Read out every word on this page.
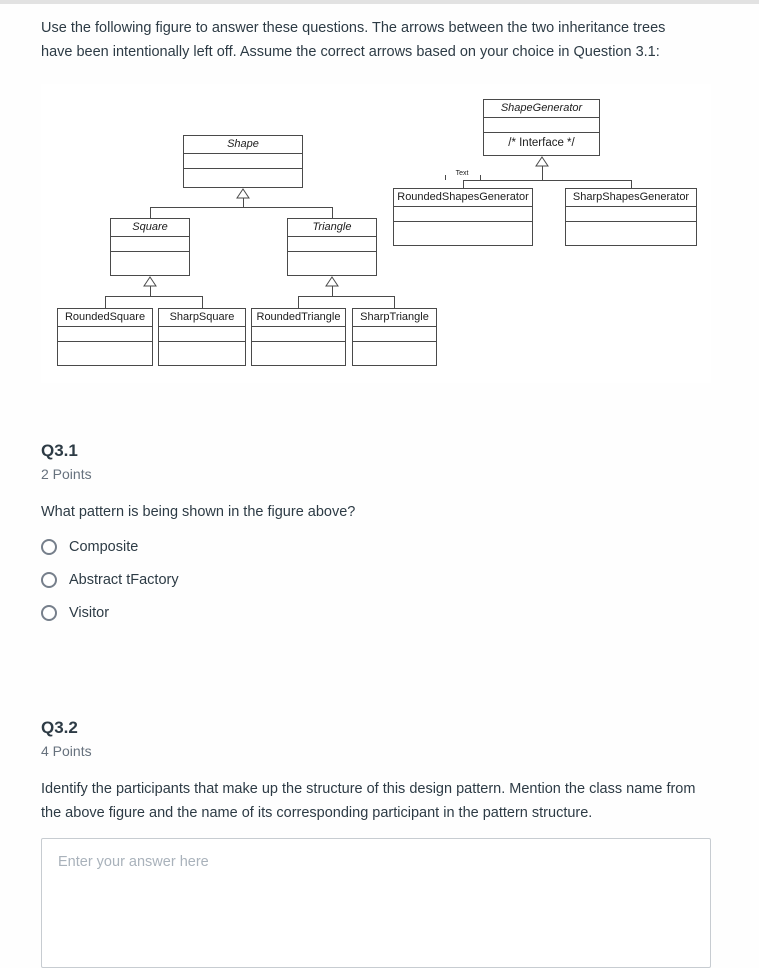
Use the following figure to answer these questions. The arrows between the two inheritance trees have been intentionally left off. Assume the correct arrows based on your choice in Question 3.1:

Shape
Square	Triangle
RoundedSquare	SharpSquare	RoundedTriangle	SharpTriangle
ShapeGenerator
/* Interface */
RoundedShapesGenerator	SharpShapesGenerator
Text
Q3.1
2 Points

What pattern is being shown in the figure above?

Composite
Abstract tFactory
Visitor
Q3.2
4 Points

Identify the participants that make up the structure of this design pattern. Mention the class name from the above figure and the name of its corresponding participant in the pattern structure.

Enter your answer here
